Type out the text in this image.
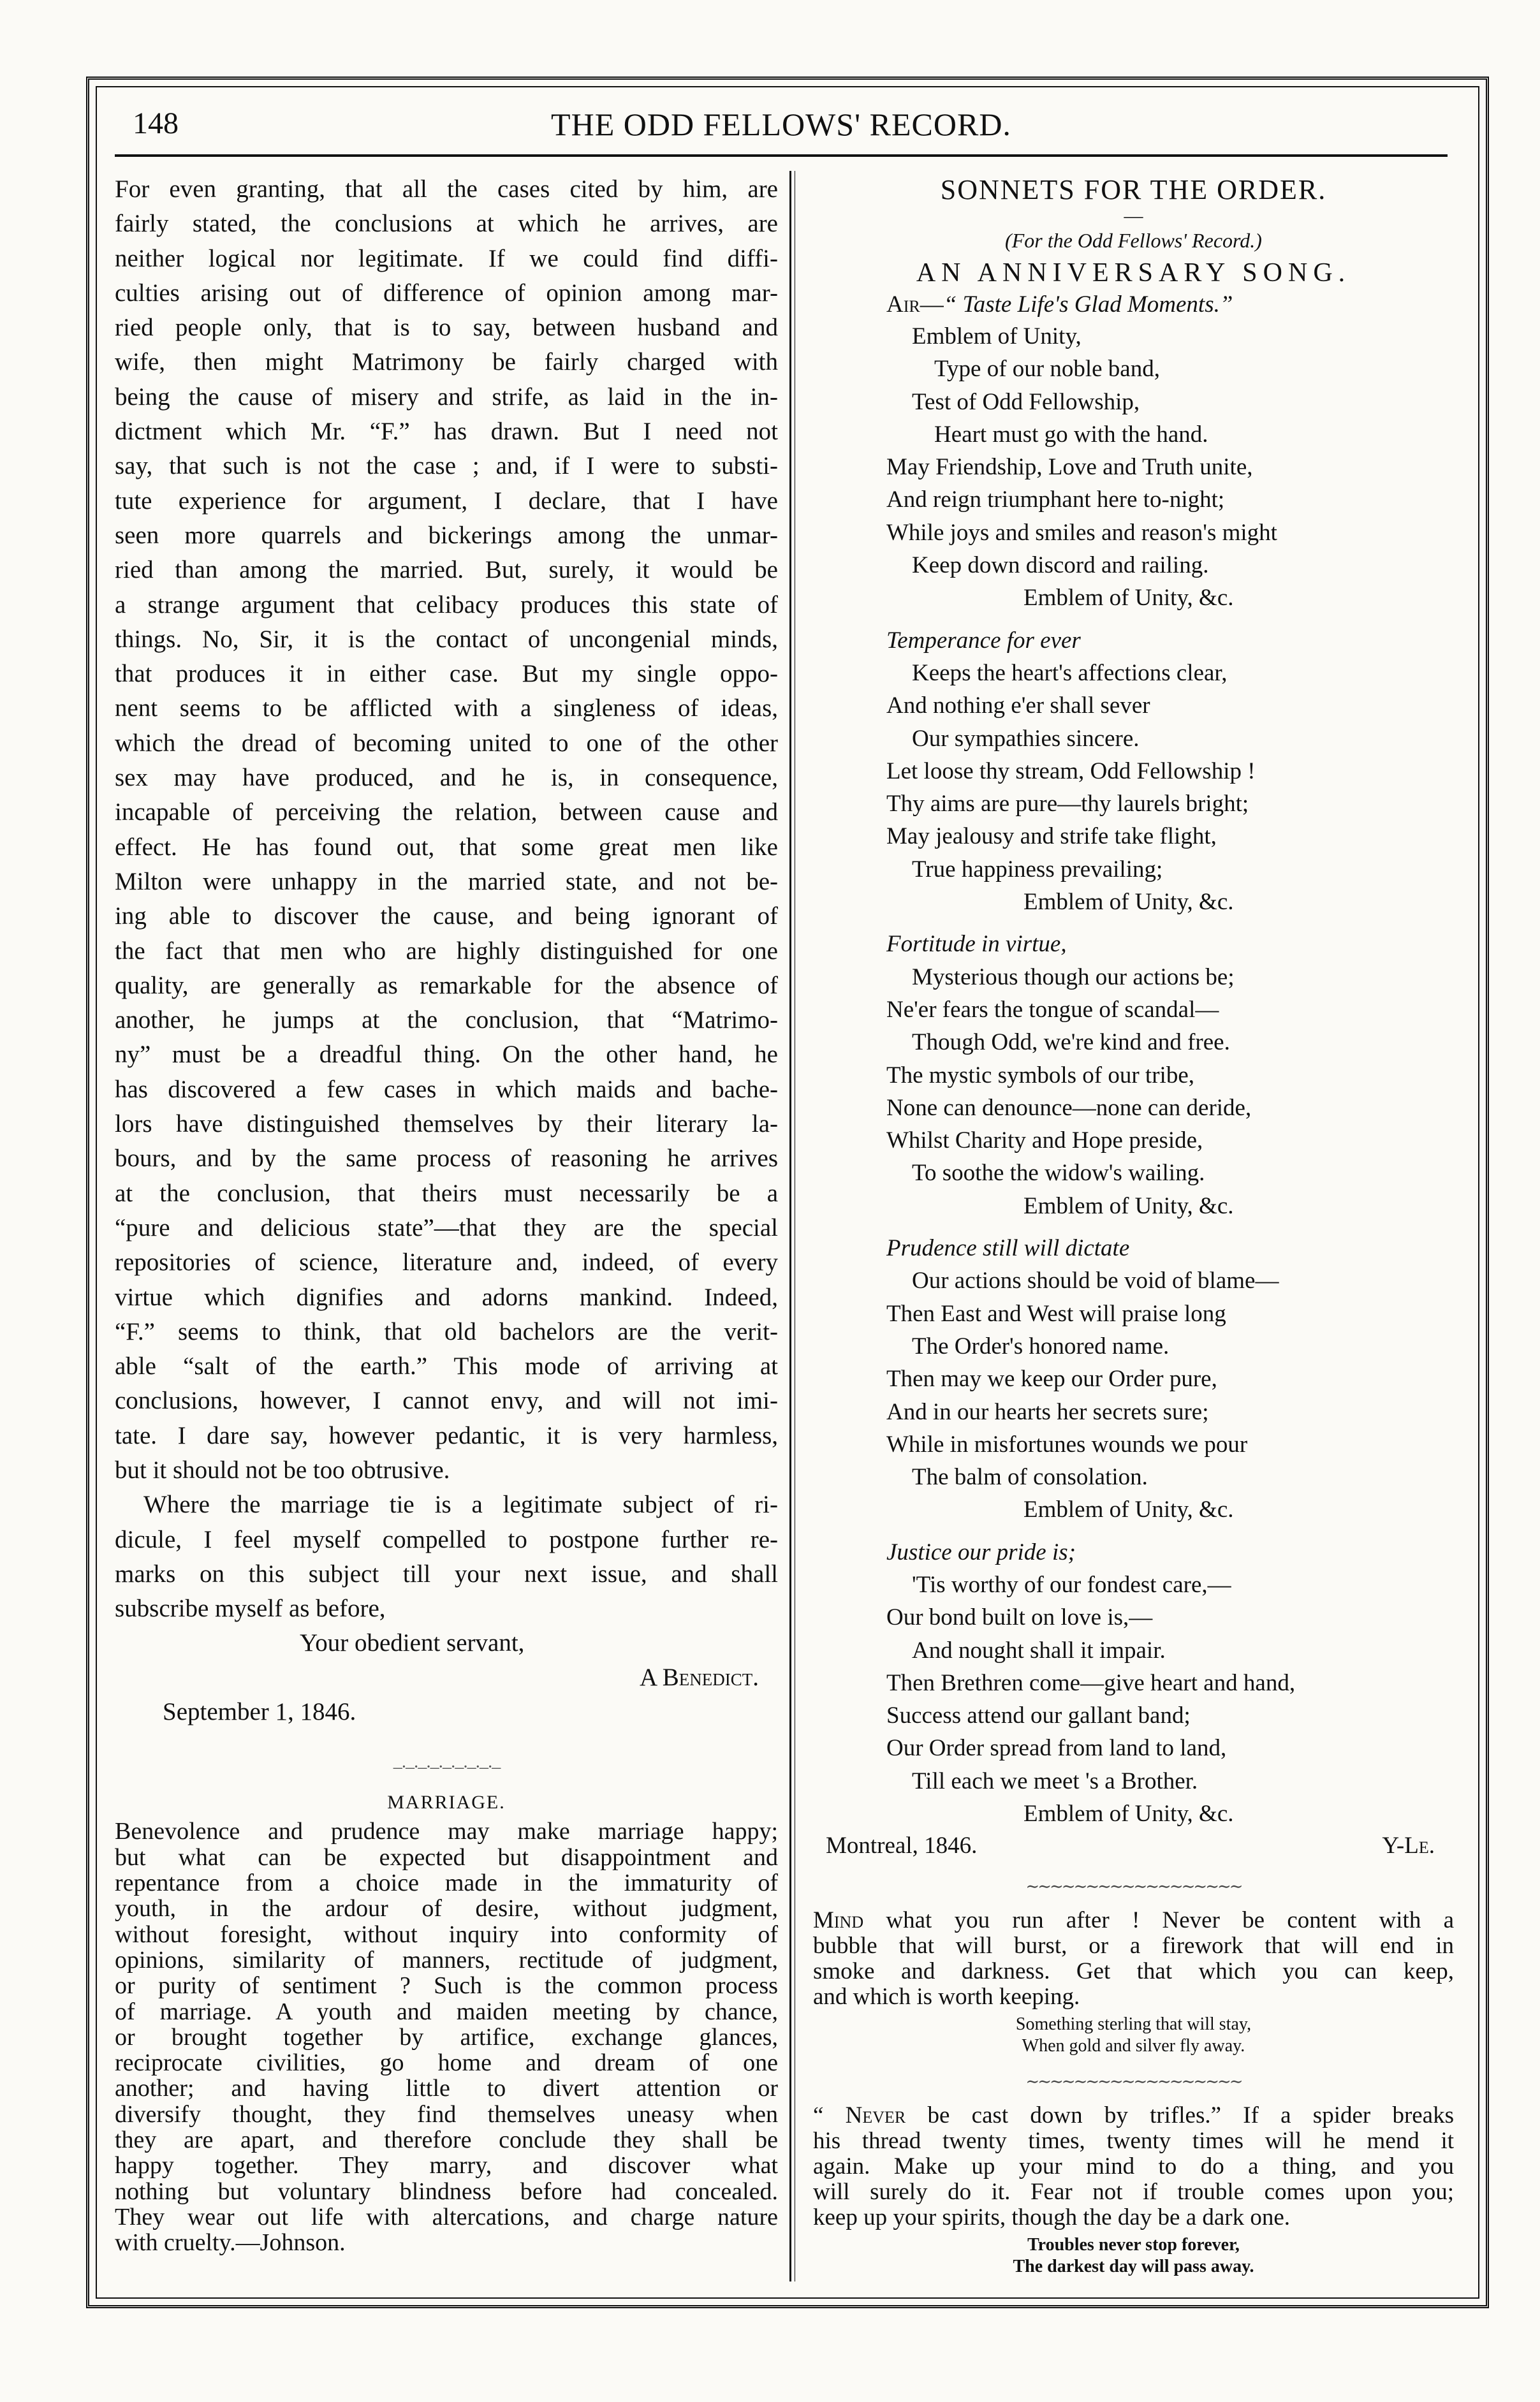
148	THE ODD FELLOWS' RECORD.

For even granting, that all the cases cited by him, are

fairly stated, the conclusions at which he arrives, are

neither logical nor legitimate. If we could find diffi-

culties arising out of difference of opinion among mar-

ried people only, that is to say, between husband and

wife, then might Matrimony be fairly charged with

being the cause of misery and strife, as laid in the in-

dictment which Mr. “F.” has drawn. But I need not

say, that such is not the case ; and, if I were to substi-

tute experience for argument, I declare, that I have

seen more quarrels and bickerings among the unmar-

ried than among the married. But, surely, it would be

a strange argument that celibacy produces this state of

things. No, Sir, it is the contact of uncongenial minds,

that produces it in either case. But my single oppo-

nent seems to be afflicted with a singleness of ideas,

which the dread of becoming united to one of the other

sex may have produced, and he is, in consequence,

incapable of perceiving the relation, between cause and

effect. He has found out, that some great men like

Milton were unhappy in the married state, and not be-

ing able to discover the cause, and being ignorant of

the fact that men who are highly distinguished for one

quality, are generally as remarkable for the absence of

another, he jumps at the conclusion, that “Matrimo-

ny” must be a dreadful thing. On the other hand, he

has discovered a few cases in which maids and bache-

lors have distinguished themselves by their literary la-

bours, and by the same process of reasoning he arrives

at the conclusion, that theirs must necessarily be a

“pure and delicious state”—that they are the special

repositories of science, literature and, indeed, of every

virtue which dignifies and adorns mankind. Indeed,

“F.” seems to think, that old bachelors are the verit-

able “salt of the earth.” This mode of arriving at

conclusions, however, I cannot envy, and will not imi-

tate. I dare say, however pedantic, it is very harmless,

but it should not be too obtrusive.

Where the marriage tie is a legitimate subject of ri-

dicule, I feel myself compelled to postpone further re-

marks on this subject till your next issue, and shall

subscribe myself as before,

Your obedient servant,
A Benedict.
September 1, 1846.
‒·‒·‒·‒·‒·‒·‒·‒·‒
MARRIAGE.

Benevolence and prudence may make marriage happy;

but what can be expected but disappointment and

repentance from a choice made in the immaturity of

youth, in the ardour of desire, without judgment,

without foresight, without inquiry into conformity of

opinions, similarity of manners, rectitude of judgment,

or purity of sentiment ? Such is the common process

of marriage. A youth and maiden meeting by chance,

or brought together by artifice, exchange glances,

reciprocate civilities, go home and dream of one

another; and having little to divert attention or

diversify thought, they find themselves uneasy when

they are apart, and therefore conclude they shall be

happy together. They marry, and discover what

nothing but voluntary blindness before had concealed.

They wear out life with altercations, and charge nature

with cruelty.—Johnson.

SONNETS FOR THE ORDER.
—
(For the Odd Fellows' Record.)
AN ANNIVERSARY SONG.
Air—“ Taste Life's Glad Moments.”
Emblem of Unity,
Type of our noble band,
Test of Odd Fellowship,
Heart must go with the hand.
May Friendship, Love and Truth unite,
And reign triumphant here to-night;
While joys and smiles and reason's might
Keep down discord and railing.
Emblem of Unity, &c.
Temperance for ever
Keeps the heart's affections clear,
And nothing e'er shall sever
Our sympathies sincere.
Let loose thy stream, Odd Fellowship !
Thy aims are pure—thy laurels bright;
May jealousy and strife take flight,
True happiness prevailing;
Emblem of Unity, &c.
Fortitude in virtue,
Mysterious though our actions be;
Ne'er fears the tongue of scandal—
Though Odd, we're kind and free.
The mystic symbols of our tribe,
None can denounce—none can deride,
Whilst Charity and Hope preside,
To soothe the widow's wailing.
Emblem of Unity, &c.
Prudence still will dictate
Our actions should be void of blame—
Then East and West will praise long
The Order's honored name.
Then may we keep our Order pure,
And in our hearts her secrets sure;
While in misfortunes wounds we pour
The balm of consolation.
Emblem of Unity, &c.
Justice our pride is;
'Tis worthy of our fondest care,—
Our bond built on love is,—
And nought shall it impair.
Then Brethren come—give heart and hand,
Success attend our gallant band;
Our Order spread from land to land,
Till each we meet 's a Brother.
Emblem of Unity, &c.
Montreal, 1846.	Y-Le.
∼∼∼∼∼∼∼∼∼∼∼∼∼∼∼∼∼∼

Mind what you run after ! Never be content with a

bubble that will burst, or a firework that will end in

smoke and darkness. Get that which you can keep,

and which is worth keeping.

Something sterling that will stay,
When gold and silver fly away.
∼∼∼∼∼∼∼∼∼∼∼∼∼∼∼∼∼∼

“ Never be cast down by trifles.” If a spider breaks

his thread twenty times, twenty times will he mend it

again. Make up your mind to do a thing, and you

will surely do it. Fear not if trouble comes upon you;

keep up your spirits, though the day be a dark one.

Troubles never stop forever,
The darkest day will pass away.
